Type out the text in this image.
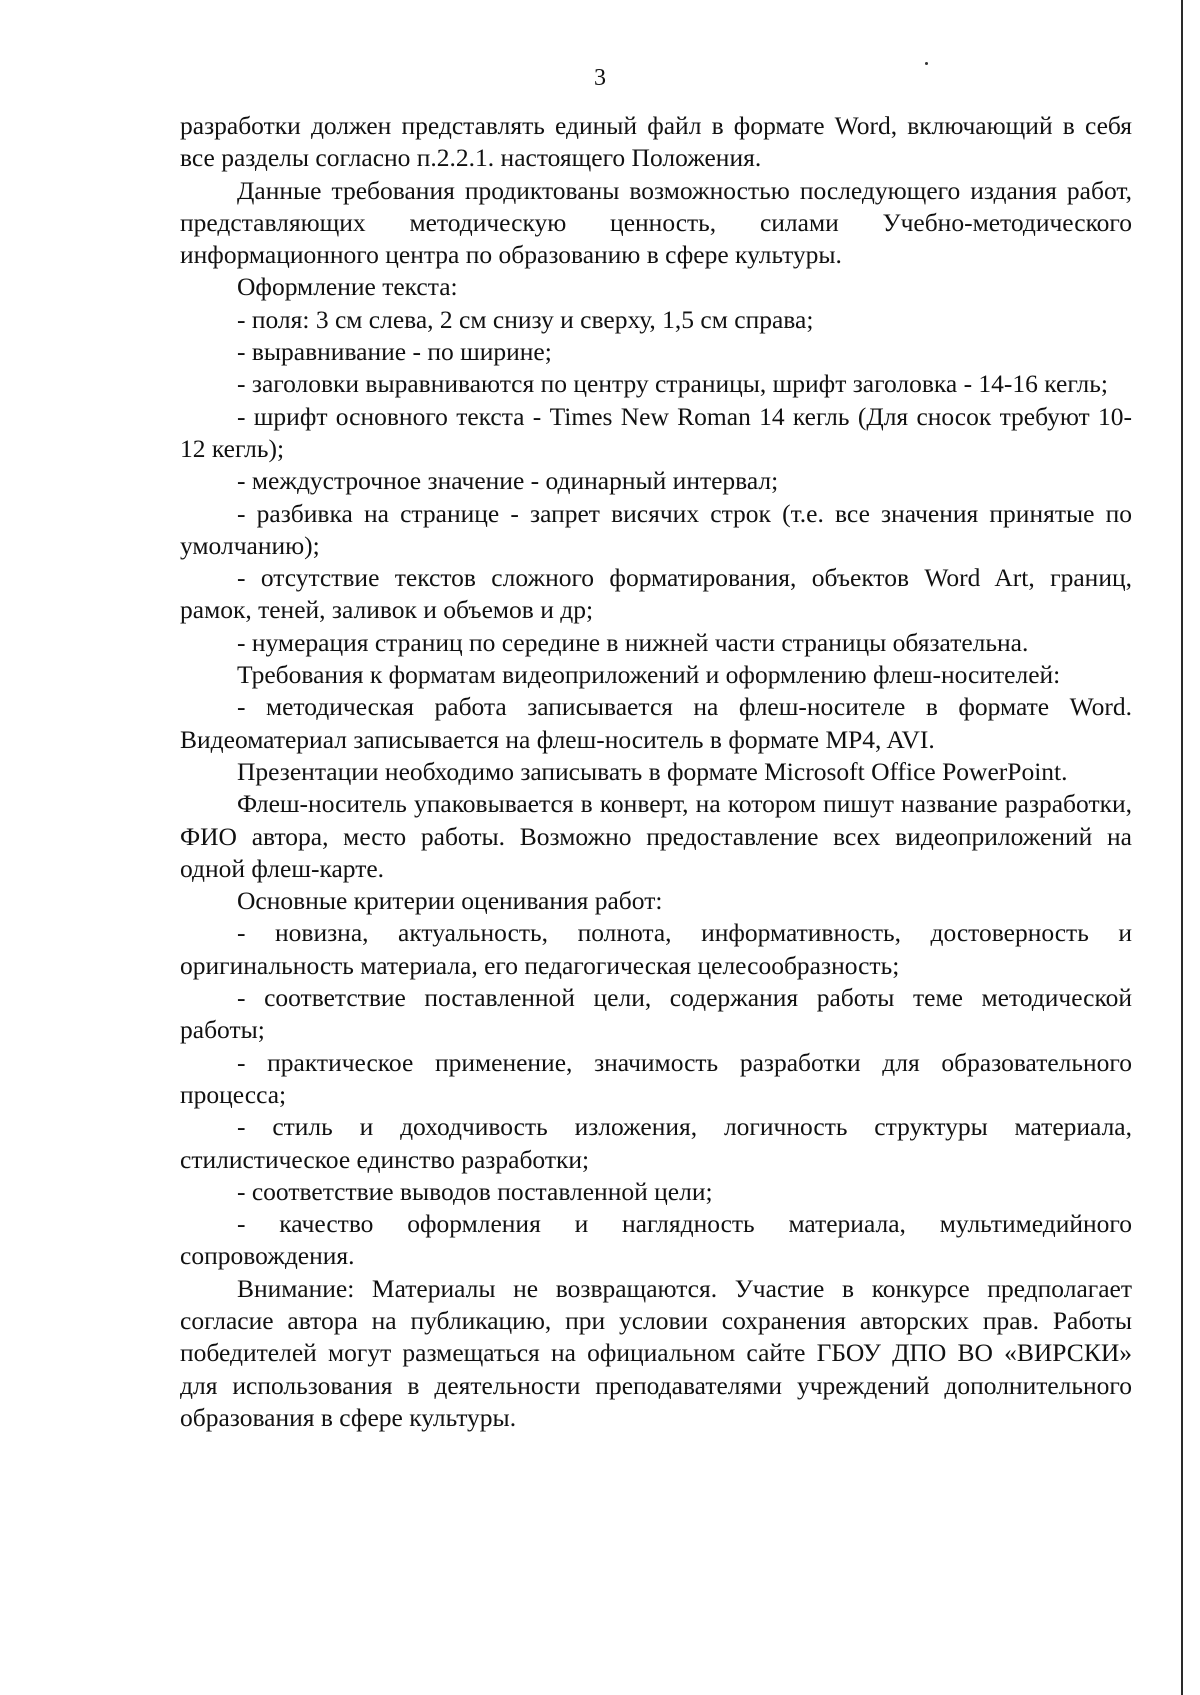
3

разработки должен представлять единый файл в формате Word, включающий в себя все разделы согласно п.2.2.1. настоящего Положения.

Данные требования продиктованы возможностью последующего издания работ, представляющих методическую ценность, силами Учебно-методического информационного центра по образованию в сфере культуры.

Оформление текста:

- поля: 3 см слева, 2 см снизу и сверху, 1,5 см справа;

- выравнивание - по ширине;

- заголовки выравниваются по центру страницы, шрифт заголовка - 14-16 кегль;

- шрифт основного текста - Times New Roman 14 кегль (Для сносок требуют 10-12 кегль);

- междустрочное значение - одинарный интервал;

- разбивка на странице - запрет висячих строк (т.е. все значения принятые по умолчанию);

- отсутствие текстов сложного форматирования, объектов Word Art, границ, рамок, теней, заливок и объемов и др;

- нумерация страниц по середине в нижней части страницы обязательна.

Требования к форматам видеоприложений и оформлению флеш-носителей:

- методическая работа записывается на флеш-носителе в формате Word. Видеоматериал записывается на флеш-носитель в формате MP4, AVI.

Презентации необходимо записывать в формате Microsoft Office PowerPoint.

Флеш-носитель упаковывается в конверт, на котором пишут название разработки, ФИО автора, место работы. Возможно предоставление всех видеоприложений на одной флеш-карте.

Основные критерии оценивания работ:

- новизна, актуальность, полнота, информативность, достоверность и оригинальность материала, его педагогическая целесообразность;

- соответствие поставленной цели, содержания работы теме методической работы;

- практическое применение, значимость разработки для образовательного процесса;

- стиль и доходчивость изложения, логичность структуры материала, стилистическое единство разработки;

- соответствие выводов поставленной цели;

- качество оформления и наглядность материала, мультимедийного сопровождения.

Внимание: Материалы не возвращаются. Участие в конкурсе предполагает согласие автора на публикацию, при условии сохранения авторских прав. Работы победителей могут размещаться на официальном сайте ГБОУ ДПО ВО «ВИРСКИ» для использования в деятельности преподавателями учреждений дополнительного образования в сфере культуры.
